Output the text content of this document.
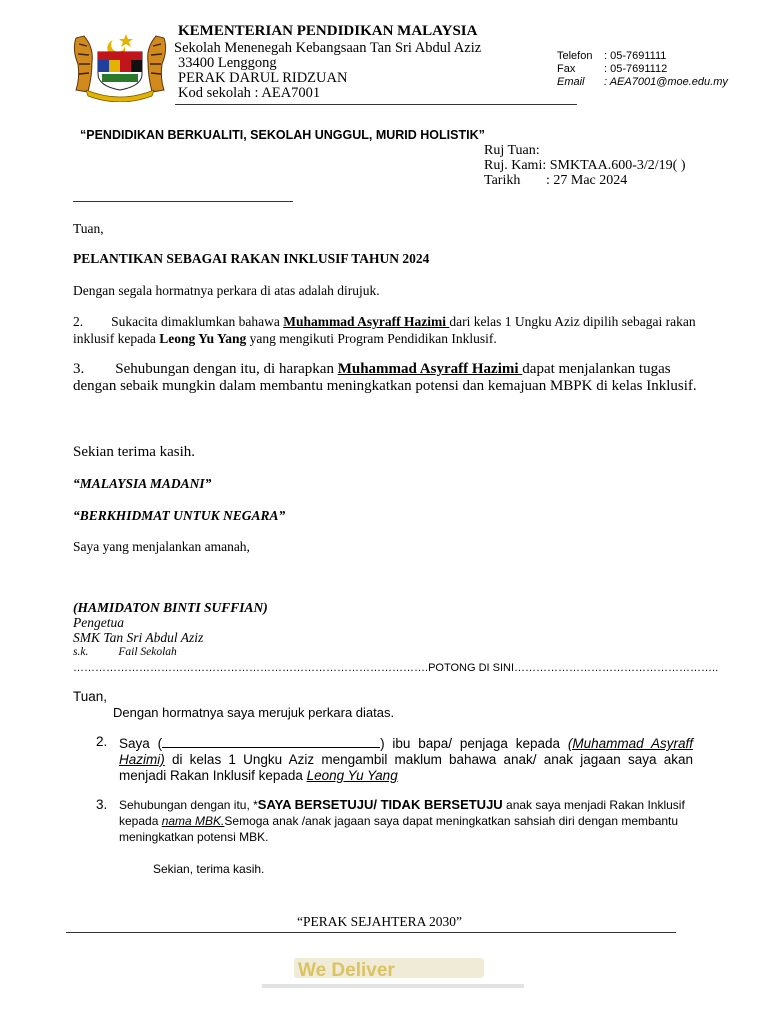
KEMENTERIAN PENDIDIKAN MALAYSIA
Sekolah Menenegah Kebangsaan Tan Sri Abdul Aziz
33400 Lenggong
PERAK DARUL RIDZUAN
Kod sekolah : AEA7001
Telefon : 05-7691111
Fax	: 05-7691112
Email : AEA7001@moe.edu.my
“PENDIDIKAN BERKUALITI, SEKOLAH UNGGUL, MURID HOLISTIK”
Ruj Tuan:
Ruj. Kami: SMKTAA.600-3/2/19( )
Tarikh : 27 Mac 2024
Tuan,
PELANTIKAN SEBAGAI RAKAN INKLUSIF TAHUN 2024
Dengan segala hormatnya perkara di atas adalah dirujuk.
2. Sukacita dimaklumkan bahawa Muhammad Asyraff Hazimi dari kelas 1 Ungku Aziz dipilih sebagai rakan inklusif kepada Leong Yu Yang yang mengikuti Program Pendidikan Inklusif.
3. Sehubungan dengan itu, di harapkan Muhammad Asyraff Hazimi dapat menjalankan tugas dengan sebaik mungkin dalam membantu meningkatkan potensi dan kemajuan MBPK di kelas Inklusif.
Sekian terima kasih.
“MALAYSIA MADANI”
“BERKHIDMAT UNTUK NEGARA”
Saya yang menjalankan amanah,
(HAMIDATON BINTI SUFFIAN)
Pengetua
SMK Tan Sri Abdul Aziz
s.k.	Fail Sekolah
…………………………………………………………………………………….POTONG DI SINI………………………………………………..
Tuan,
Dengan hormatnya saya merujuk perkara diatas.
2. Saya (	) ibu bapa/ penjaga kepada (Muhammad Asyraff Hazimi) di kelas 1 Ungku Aziz mengambil maklum bahawa anak/ anak jagaan saya akan menjadi Rakan Inklusif kepada Leong Yu Yang
3. Sehubungan dengan itu, *SAYA BERSETUJU/ TIDAK BERSETUJU anak saya menjadi Rakan Inklusif kepada nama MBK.Semoga anak /anak jagaan saya dapat meningkatkan sahsiah diri dengan membantu meningkatkan potensi MBK.
Sekian, terima kasih.
“PERAK SEJAHTERA 2030”
We Deliver
